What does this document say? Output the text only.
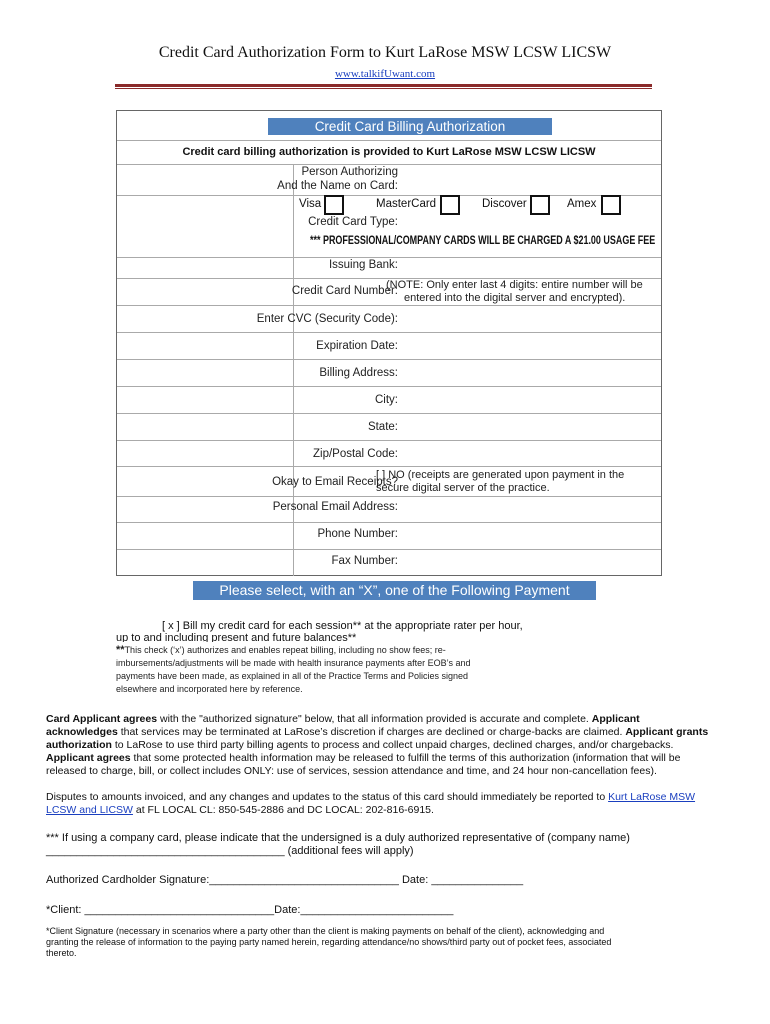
Credit Card Authorization Form to Kurt LaRose MSW LCSW LICSW
www.talkifUwant.com
Credit Card Billing Authorization
Credit card billing authorization is provided to Kurt LaRose MSW LCSW LICSW
Person Authorizing
And the Name on Card:
Credit Card Type:
Visa	MasterCard	Discover	Amex
*** PROFESSIONAL/COMPANY CARDS WILL BE CHARGED A $21.00 USAGE FEE
Issuing Bank:
Credit Card Number:
(NOTE: Only enter last 4 digits: entire number will be
entered into the digital server and encrypted).
Enter CVC (Security Code):
Expiration Date:
Billing Address:
City:
State:
Zip/Postal Code:
Okay to Email Receipts?
[ ] NO (receipts are generated upon payment in the
secure digital server of the practice.
Personal Email Address:
Phone Number:
Fax Number:
Please select, with an “X”, one of the Following Payment Options:
[ x ] Bill my credit card for each session** at the appropriate rater per hour,
up to and including present and future balances**
**This check (‘x’) authorizes and enables repeat billing, including no show fees; re-
imbursements/adjustments will be made with health insurance payments after EOB’s and
payments have been made, as explained in all of the Practice Terms and Policies signed
elsewhere and incorporated here by reference.
Card Applicant agrees with the "authorized signature" below, that all information provided is accurate and complete. Applicant
acknowledges that services may be terminated at LaRose’s discretion if charges are declined or charge-backs are claimed. Applicant grants
authorization to LaRose to use third party billing agents to process and collect unpaid charges, declined charges, and/or chargebacks.
Applicant agrees that some protected health information may be released to fulfill the terms of this authorization (information that will be
released to charge, bill, or collect includes ONLY: use of services, session attendance and time, and 24 hour non-cancellation fees).
Disputes to amounts invoiced, and any changes and updates to the status of this card should immediately be reported to Kurt LaRose MSW
LCSW and LICSW at FL LOCAL CL: 850-545-2886 and DC LOCAL: 202-816-6915.
*** If using a company card, please indicate that the undersigned is a duly authorized representative of (company name)
_______________________________________ (additional fees will apply)
Authorized Cardholder Signature:_______________________________ Date: _______________
*Client: _______________________________Date:_________________________
*Client Signature (necessary in scenarios where a party other than the client is making payments on behalf of the client), acknowledging and
granting the release of information to the paying party named herein, regarding attendance/no shows/third party out of pocket fees, associated
thereto.
